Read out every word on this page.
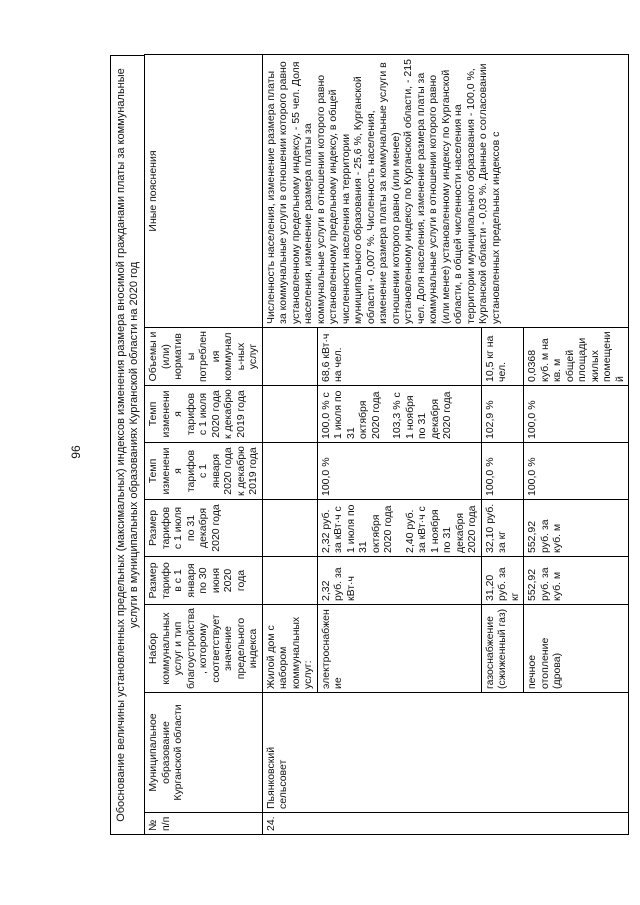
96	Обоснование величины установленных предельных (максимальных) индексов изменения размера вносимой гражданами платы за коммунальные услуги в муниципальных образованиях Курганской области на 2020 год
№ п/п	Муниципальное образование Курганской области	Набор коммунальных услуг и тип благоустройства, которому соответствует значение предельного индекса	Размер тарифов с 1 января по 30 июня 2020 года	Размер тарифов с 1 июля по 31 декабря 2020 года	Темп изменения тарифов с 1 января 2020 года к декабрю 2019 года	Темп изменения тарифов с 1 июля 2020 года к декабрю 2019 года	Объемы и (или) нормативы потребления коммуналь-ных услуг	Иные пояснения
24.	Пьянковский сельсовет	Жилой дом с набором коммунальных услуг:						Численность населения, изменение размера платы за коммунальные услуги в отношении которого равно установленному предельному индексу, - 55 чел. Доля населения, изменение размера платы за коммунальные услуги в отношении которого равно установленному предельному индексу, в общей численности населения на территории муниципального образования - 25,6 %, Курганской области - 0,007 %. Численность населения, изменение размера платы за коммунальные услуги в отношении которого равно (или менее) установленному индексу по Курганской области, - 215 чел. Доля населения, изменение размера платы за коммунальные услуги в отношении которого равно (или менее) установленному индексу по Курганской области, в общей численности населения на территории муниципального образования - 100,0 %, Курганской области - 0,03 %. Данные о согласовании установленных предельных индексов с
		электроснабжение	2,32 руб. за кВт·ч	2,32 руб. за кВт·ч с 1 июля по 31 октября 2020 года 2,40 руб. за кВт·ч с 1 ноября по 31 декабря 2020 года	100,0 %	100,0 % с 1 июля по 31 октября 2020 года 103,3 % с 1 ноября по 31 декабря 2020 года	68,6 кВт·ч на чел.	
		газоснабжение (сжиженный газ)	31,20 руб. за кг	32,10 руб. за кг	100,0 %	102,9 %	10,5 кг на чел.	
		печное отопление (дрова)	552,92 руб. за куб. м	552,92 руб. за куб. м	100,0 %	100,0 %	0,0368 куб. м на кв. м общей площади жилых помещений	
